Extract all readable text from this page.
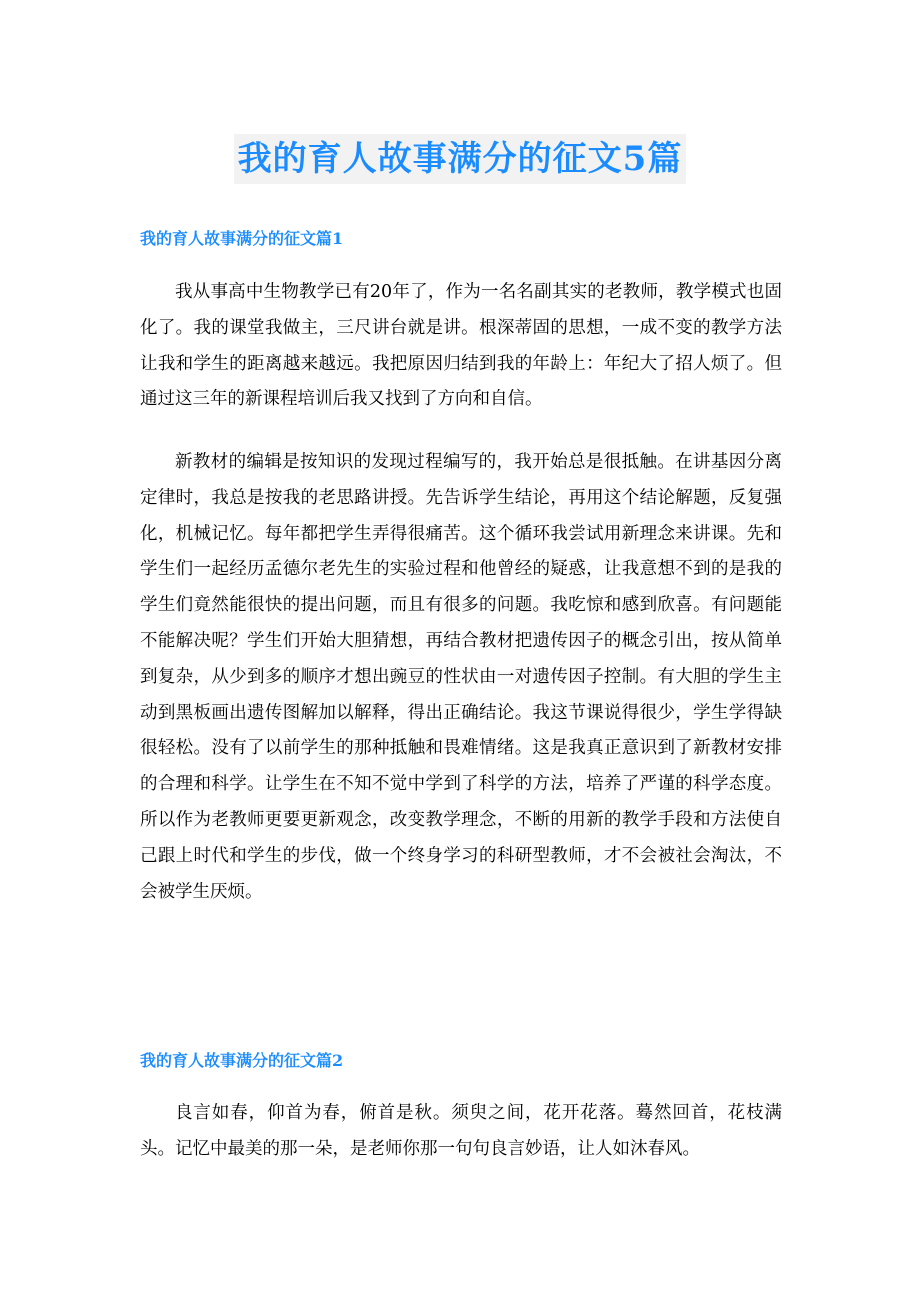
我的育人故事满分的征文5篇
我的育人故事满分的征文篇1

我从事高中生物教学已有20年了，作为一名名副其实的老教师，教学模式也固化了。我的课堂我做主，三尺讲台就是讲。根深蒂固的思想，一成不变的教学方法让我和学生的距离越来越远。我把原因归结到我的年龄上：年纪大了招人烦了。但通过这三年的新课程培训后我又找到了方向和自信。

新教材的编辑是按知识的发现过程编写的，我开始总是很抵触。在讲基因分离定律时，我总是按我的老思路讲授。先告诉学生结论，再用这个结论解题，反复强化，机械记忆。每年都把学生弄得很痛苦。这个循环我尝试用新理念来讲课。先和学生们一起经历孟德尔老先生的实验过程和他曾经的疑惑，让我意想不到的是我的学生们竟然能很快的提出问题，而且有很多的问题。我吃惊和感到欣喜。有问题能不能解决呢？学生们开始大胆猜想，再结合教材把遗传因子的概念引出，按从简单到复杂，从少到多的顺序才想出豌豆的性状由一对遗传因子控制。有大胆的学生主动到黑板画出遗传图解加以解释，得出正确结论。我这节课说得很少，学生学得缺很轻松。没有了以前学生的那种抵触和畏难情绪。这是我真正意识到了新教材安排的合理和科学。让学生在不知不觉中学到了科学的方法，培养了严谨的科学态度。所以作为老教师更要更新观念，改变教学理念，不断的用新的教学手段和方法使自己跟上时代和学生的步伐，做一个终身学习的科研型教师，才不会被社会淘汰，不会被学生厌烦。

我的育人故事满分的征文篇2

良言如春，仰首为春，俯首是秋。须臾之间，花开花落。蓦然回首，花枝满头。记忆中最美的那一朵，是老师你那一句句良言妙语，让人如沐春风。
